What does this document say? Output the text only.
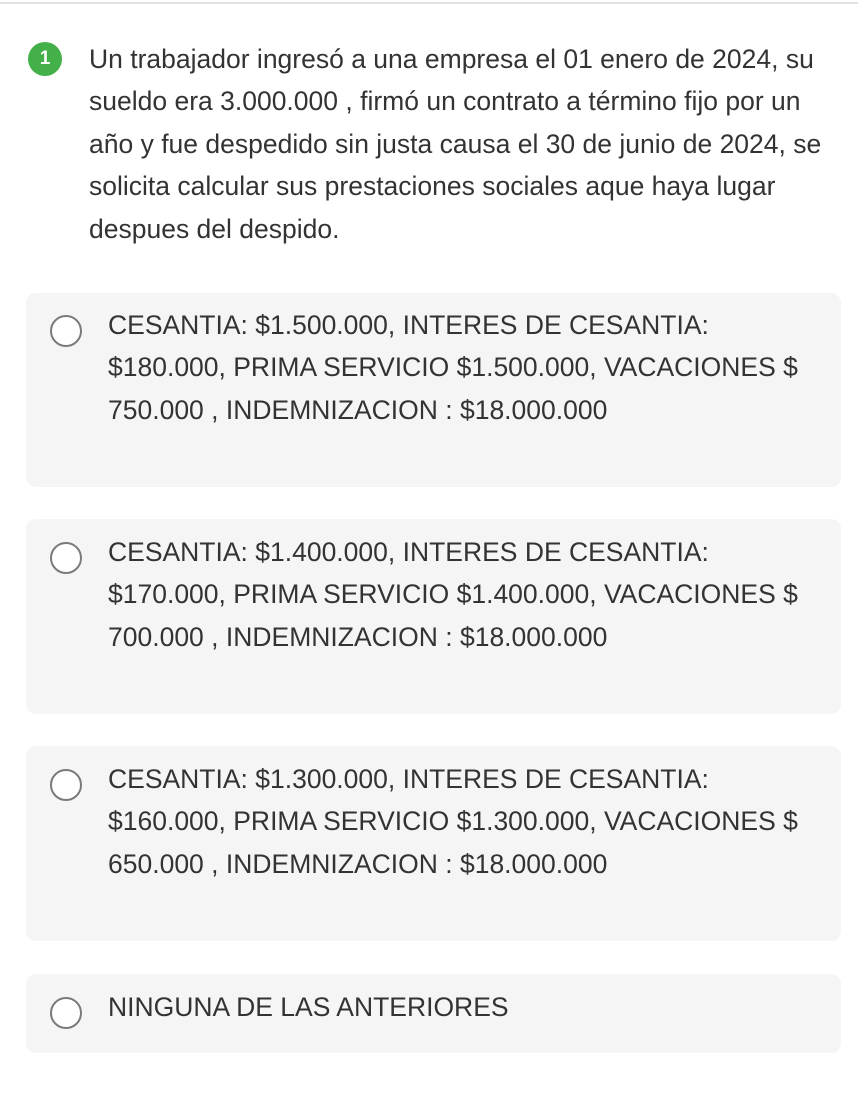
1	Un trabajador ingresó a una empresa el 01 enero de 2024, su sueldo era 3.000.000 , firmó un contrato a término fijo por un año y fue despedido sin justa causa el 30 de junio de 2024, se solicita calcular sus prestaciones sociales aque haya lugar despues del despido.
CESANTIA: $1.500.000, INTERES DE CESANTIA: $180.000, PRIMA SERVICIO $1.500.000, VACACIONES $ 750.000 , INDEMNIZACION : $18.000.000
CESANTIA: $1.400.000, INTERES DE CESANTIA: $170.000, PRIMA SERVICIO $1.400.000, VACACIONES $ 700.000 , INDEMNIZACION : $18.000.000
CESANTIA: $1.300.000, INTERES DE CESANTIA: $160.000, PRIMA SERVICIO $1.300.000, VACACIONES $ 650.000 , INDEMNIZACION : $18.000.000
NINGUNA DE LAS ANTERIORES
